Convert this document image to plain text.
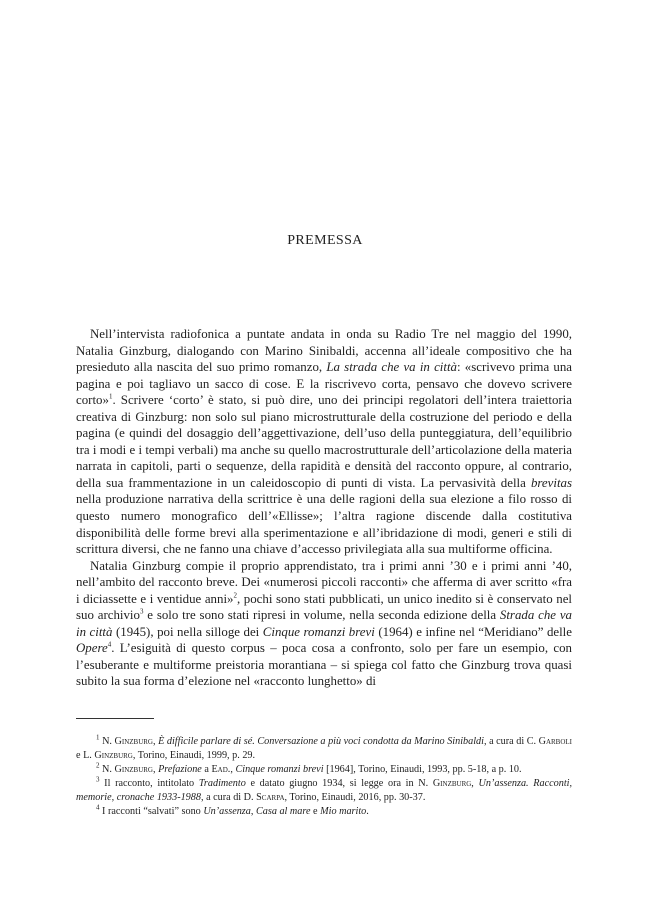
PREMESSA

Nell’intervista radiofonica a puntate andata in onda su Radio Tre nel maggio del 1990, Natalia Ginzburg, dialogando con Marino Sinibaldi, accenna all’ideale compositivo che ha presieduto alla nascita del suo primo romanzo, La strada che va in città: «scrivevo prima una pagina e poi tagliavo un sacco di cose. E la riscrivevo corta, pensavo che dovevo scrivere corto»$^1$. Scrivere ‘corto’ è stato, si può dire, uno dei principi regolatori dell’intera traiettoria creativa di Ginzburg: non solo sul piano microstrutturale della costruzione del periodo e della pagina (e quindi del dosaggio dell’aggettivazione, dell’uso della punteggiatura, dell’equilibrio tra i modi e i tempi verbali) ma anche su quello macrostrutturale dell’articolazione della materia narrata in capitoli, parti o sequenze, della rapidità e densità del racconto oppure, al contrario, della sua frammentazione in un caleidoscopio di punti di vista. La pervasività della brevitas nella produzione narrativa della scrittrice è una delle ragioni della sua elezione a filo rosso di questo numero monografico dell’«Ellisse»; l’altra ragione discende dalla costitutiva disponibilità delle forme brevi alla sperimentazione e all’ibridazione di modi, generi e stili di scrittura diversi, che ne fanno una chiave d’accesso privilegiata alla sua multiforme officina.

Natalia Ginzburg compie il proprio apprendistato, tra i primi anni ’30 e i primi anni ’40, nell’ambito del racconto breve. Dei «numerosi piccoli racconti» che afferma di aver scritto «fra i diciassette e i ventidue anni»$^2$, pochi sono stati pubblicati, un unico inedito si è conservato nel suo archivio$^3$ e solo tre sono stati ripresi in volume, nella seconda edizione della Strada che va in città (1945), poi nella silloge dei Cinque romanzi brevi (1964) e infine nel “Meridiano” delle Opere$^4$. L’esiguità di questo corpus – poca cosa a confronto, solo per fare un esempio, con l’esuberante e multiforme preistoria morantiana – si spiega col fatto che Ginzburg trova quasi subito la sua forma d’elezione nel «racconto lunghetto» di

$^1$ N. Ginzburg, È difficile parlare di sé. Conversazione a più voci condotta da Marino Sinibaldi, a cura di C. Garboli e L. Ginzburg, Torino, Einaudi, 1999, p. 29.

$^2$ N. Ginzburg, Prefazione a Ead., Cinque romanzi brevi [1964], Torino, Einaudi, 1993, pp. 5-18, a p. 10.

$^3$ Il racconto, intitolato Tradimento e datato giugno 1934, si legge ora in N. Ginzburg, Un’assenza. Racconti, memorie, cronache 1933-1988, a cura di D. Scarpa, Torino, Einaudi, 2016, pp. 30-37.

$^4$ I racconti “salvati” sono Un’assenza, Casa al mare e Mio marito.
